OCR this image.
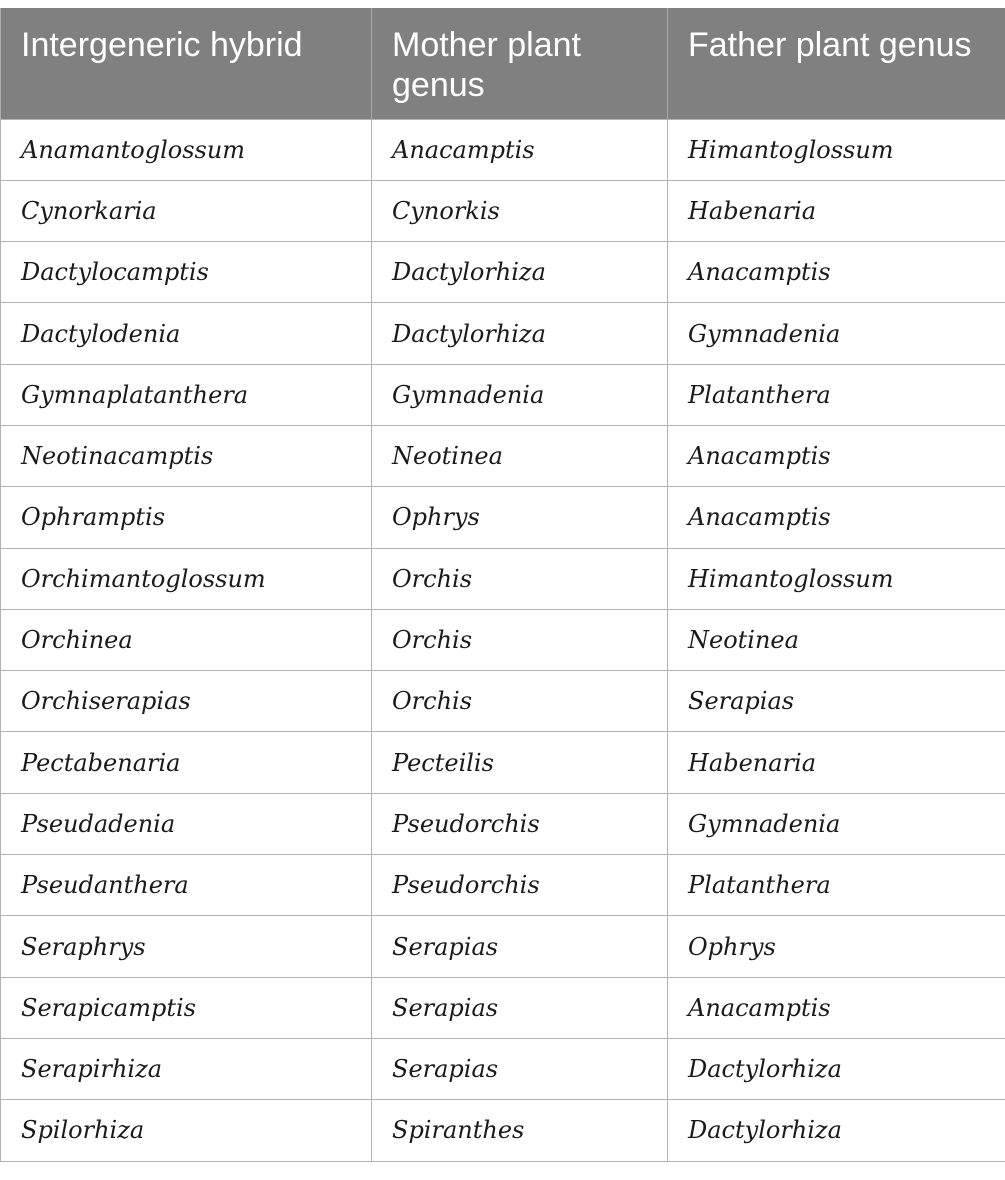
Intergeneric hybrid	Mother plant genus	Father plant genus
Anamantoglossum	Anacamptis	Himantoglossum
Cynorkaria	Cynorkis	Habenaria
Dactylocamptis	Dactylorhiza	Anacamptis
Dactylodenia	Dactylorhiza	Gymnadenia
Gymnaplatanthera	Gymnadenia	Platanthera
Neotinacamptis	Neotinea	Anacamptis
Ophramptis	Ophrys	Anacamptis
Orchimantoglossum	Orchis	Himantoglossum
Orchinea	Orchis	Neotinea
Orchiserapias	Orchis	Serapias
Pectabenaria	Pecteilis	Habenaria
Pseudadenia	Pseudorchis	Gymnadenia
Pseudanthera	Pseudorchis	Platanthera
Seraphrys	Serapias	Ophrys
Serapicamptis	Serapias	Anacamptis
Serapirhiza	Serapias	Dactylorhiza
Spilorhiza	Spiranthes	Dactylorhiza
